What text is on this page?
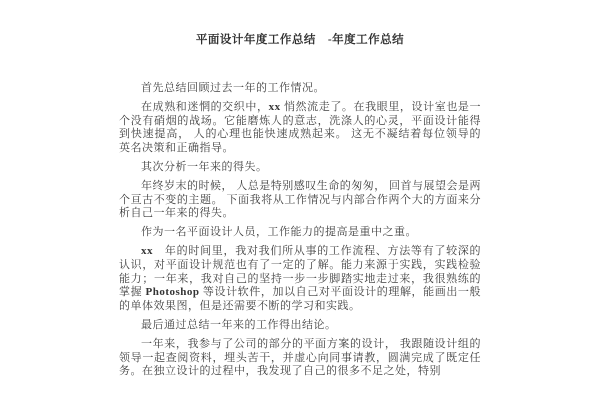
平面设计年度工作总结　-年度工作总结

首先总结回顾过去一年的工作情况。

在成熟和迷惘的交织中，xx 悄然流走了。在我眼里，设计室也是一个没有硝烟的战场。它能磨炼人的意志，洗涤人的心灵，平面设计能得到快速提高， 人的心理也能快速成熟起来。 这无不凝结着每位领导的英名决策和正确指导。

其次分析一年来的得失。

年终岁末的时候， 人总是特别感叹生命的匆匆， 回首与展望会是两个亘古不变的主题。 下面我将从工作情况与内部合作两个大的方面来分析自己一年来的得失。

作为一名平面设计人员，工作能力的提高是重中之重。

xx　年的时间里，我对我们所从事的工作流程、方法等有了较深的认识，对平面设计规范也有了一定的了解。能力来源于实践，实践检验能力；一年来，我对自己的坚持一步一步脚踏实地走过来，我很熟练的掌握 Photoshop 等设计软件，加以自己对平面设计的理解，能画出一般的单体效果图，但是还需要不断的学习和实践。

最后通过总结一年来的工作得出结论。

一年来，我参与了公司的部分的平面方案的设计， 我跟随设计组的领导一起查阅资料，埋头苦干，并虚心向同事请教，圆满完成了既定任务。在独立设计的过程中，我发现了自己的很多不足之处，特别
